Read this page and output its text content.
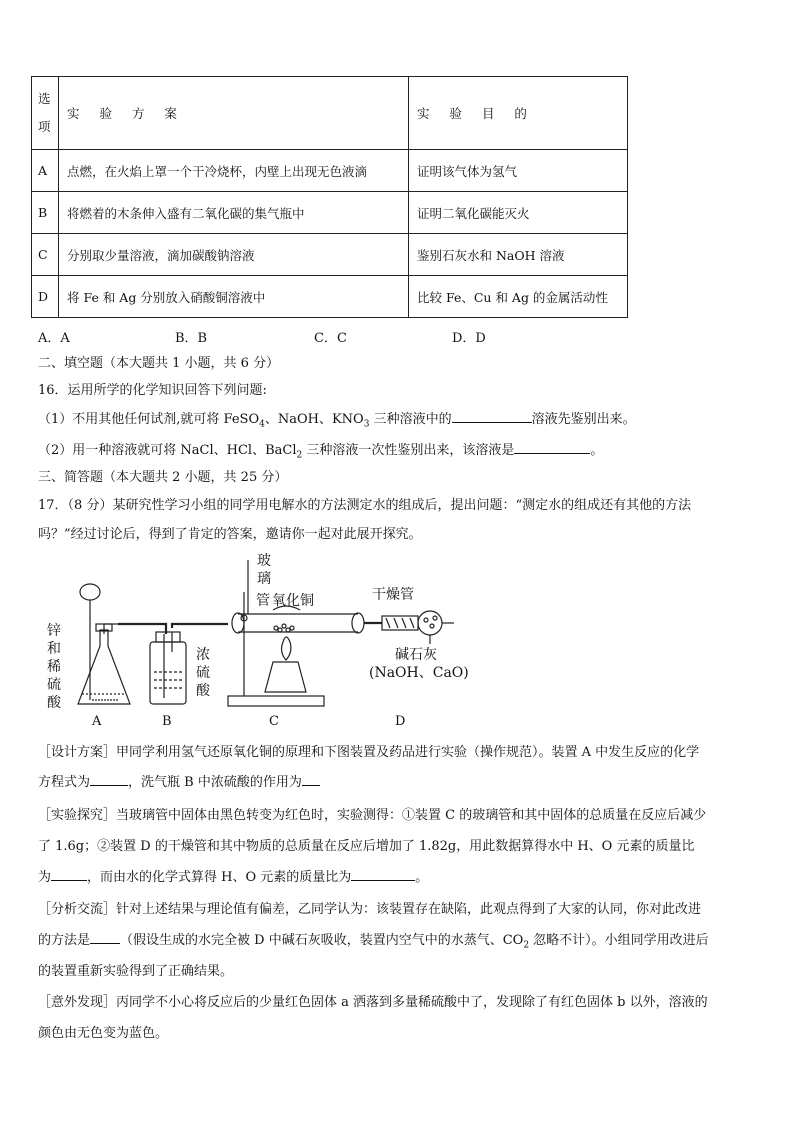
选
项	实 验 方 案	实 验 目 的
A	点燃，在火焰上罩一个干冷烧杯，内壁上出现无色液滴	证明该气体为氢气
B	将燃着的木条伸入盛有二氧化碳的集气瓶中	证明二氧化碳能灭火
C	分别取少量溶液，滴加碳酸钠溶液	鉴别石灰水和 NaOH 溶液
D	将 Fe 和 Ag 分别放入硝酸铜溶液中	比较 Fe、Cu 和 Ag 的金属活动性
A．A	B．B	C．C	D．D
二、填空题（本大题共 1 小题，共 6 分）
16．运用所学的化学知识回答下列问题:
（1）不用其他任何试剂,就可将 FeSO$_4$、NaOH、$KNO_3$ 三种溶液中的	溶液先鉴别出来。
（2）用一种溶液就可将 NaCl、HCl、BaCl$_2$ 三种溶液一次性鉴别出来，该溶液是	。
三、简答题（本大题共 2 小题，共 25 分）
17．（8 分）某研究性学习小组的同学用电解水的方法测定水的组成后，提出问题：“测定水的组成还有其他的方法
吗？”经过讨论后，得到了肯定的答案，邀请你一起对此展开探究。
锌
和
稀
硫
酸
浓
硫
酸
玻
璃
管 氧化铜	干燥管
碱石灰
(NaOH、CaO)
A	B	C	D
［设计方案］甲同学利用氢气还原氧化铜的原理和下图装置及药品进行实验（操作规范）。装置 A 中发生反应的化学
方程式为	，洗气瓶 B 中浓硫酸的作用为
［实验探究］当玻璃管中固体由黑色转变为红色时，实验测得：①装置 C 的玻璃管和其中固体的总质量在反应后减少
了 1.6g；②装置 D 的干燥管和其中物质的总质量在反应后增加了 1.82g，用此数据算得水中 H、O 元素的质量比
为	，而由水的化学式算得 H、O 元素的质量比为	。
［分析交流］针对上述结果与理论值有偏差，乙同学认为：该装置存在缺陷，此观点得到了大家的认同，你对此改进
的方法是 （假设生成的水完全被 D 中碱石灰吸收，装置内空气中的水蒸气、$CO_2$ 忽略不计）。小组同学用改进后
的装置重新实验得到了正确结果。
［意外发现］丙同学不小心将反应后的少量红色固体 a 洒落到多量稀硫酸中了，发现除了有红色固体 b 以外，溶液的
颜色由无色变为蓝色。
